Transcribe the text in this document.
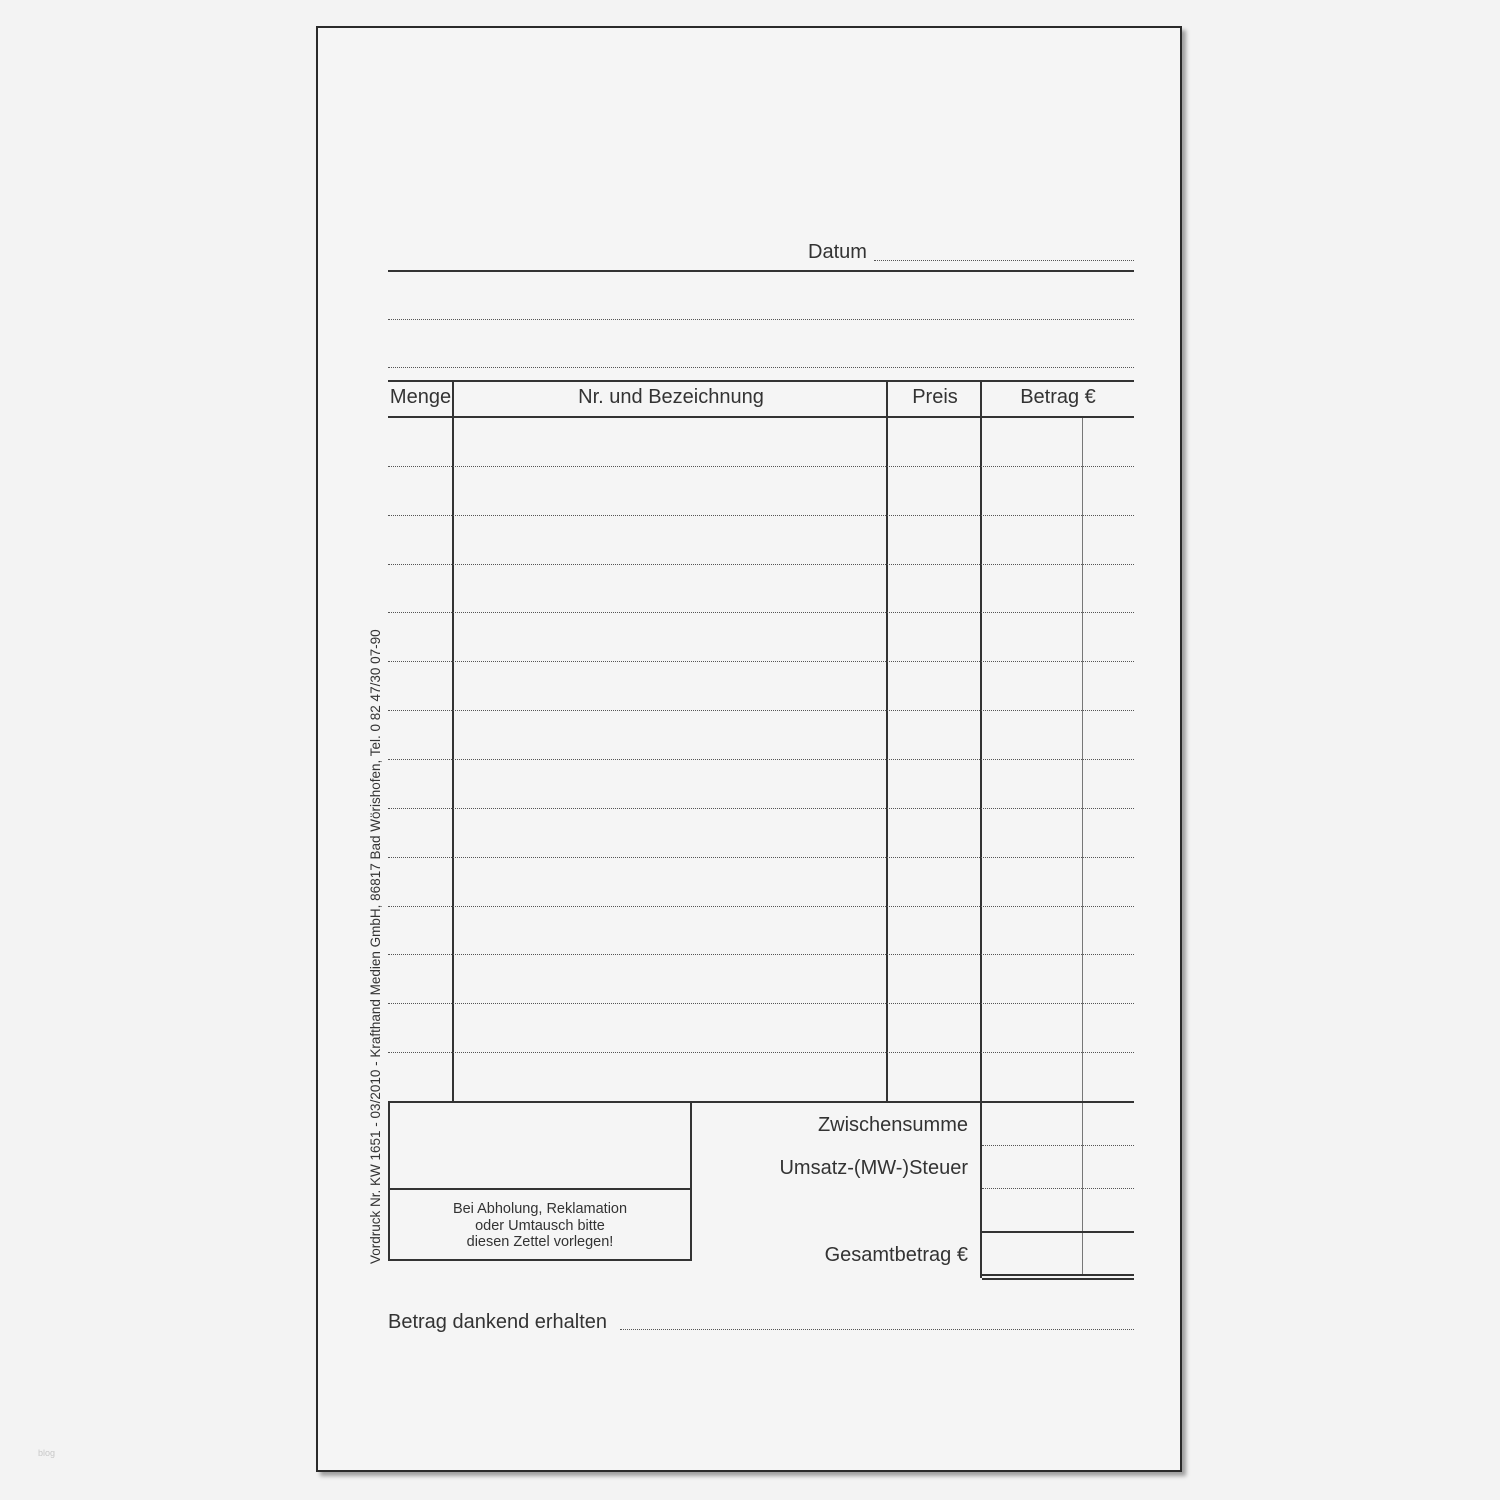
Datum
Menge	Nr. und Bezeichnung	Preis	Betrag €
Bei Abholung, Reklamation
oder Umtausch bitte
diesen Zettel vorlegen!
Zwischensumme
Umsatz-(MW-)Steuer
Gesamtbetrag €
Betrag dankend erhalten
Vordruck Nr. KW 1651 - 03/2010 - Krafthand Medien GmbH, 86817 Bad Wörishofen, Tel. 0 82 47/30 07-90
blog
